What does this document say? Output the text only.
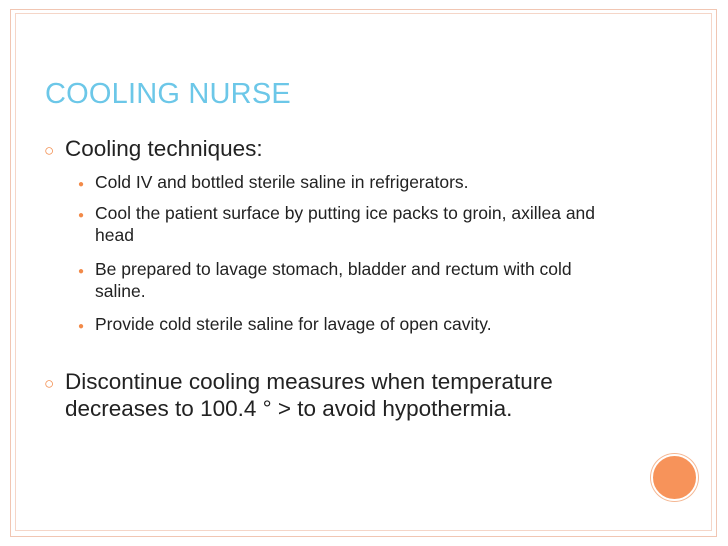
COOLING NURSE
○ Cooling techniques:
● Cold IV and bottled sterile saline in refrigerators.
● Cool the patient surface by putting ice packs to groin, axillea and head
● Be prepared to lavage stomach, bladder and rectum with cold saline.
● Provide cold sterile saline for lavage of open cavity.
○ Discontinue cooling measures when temperature decreases to 100.4 ° > to avoid hypothermia.
